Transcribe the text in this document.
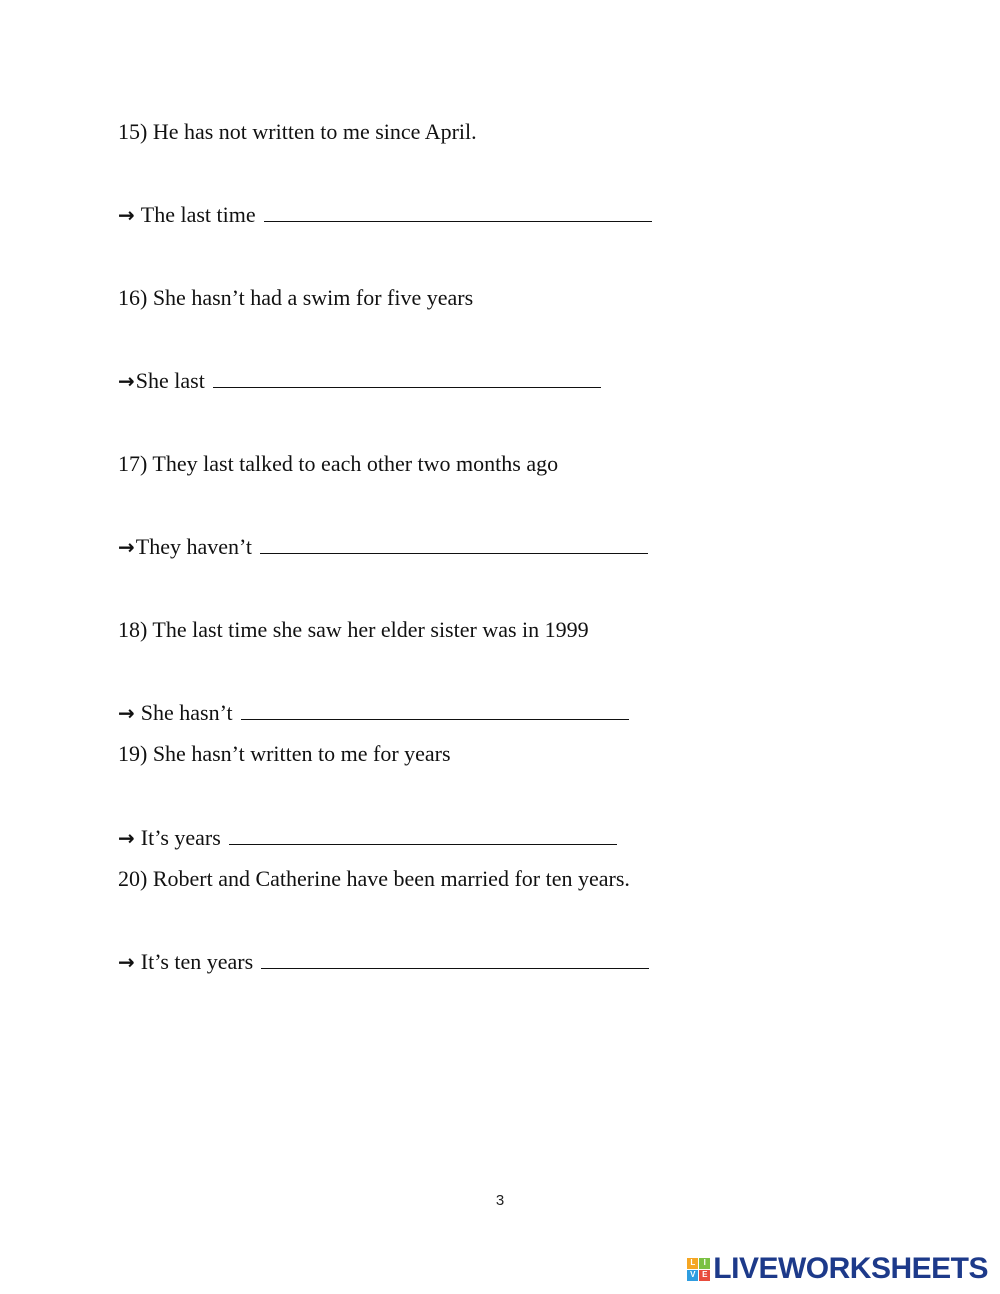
15) He has not written to me since April.
→ The last time
16) She hasn’t had a swim for five years
→ She last
17) They last talked to each other two months ago
→ They haven’t
18) The last time she saw her elder sister was in 1999
→ She hasn’t
19) She hasn’t written to me for years
→ It’s years
20) Robert and Catherine have been married for ten years.
→ It’s ten years
3
L	I
V E LIVEWORKSHEETS
